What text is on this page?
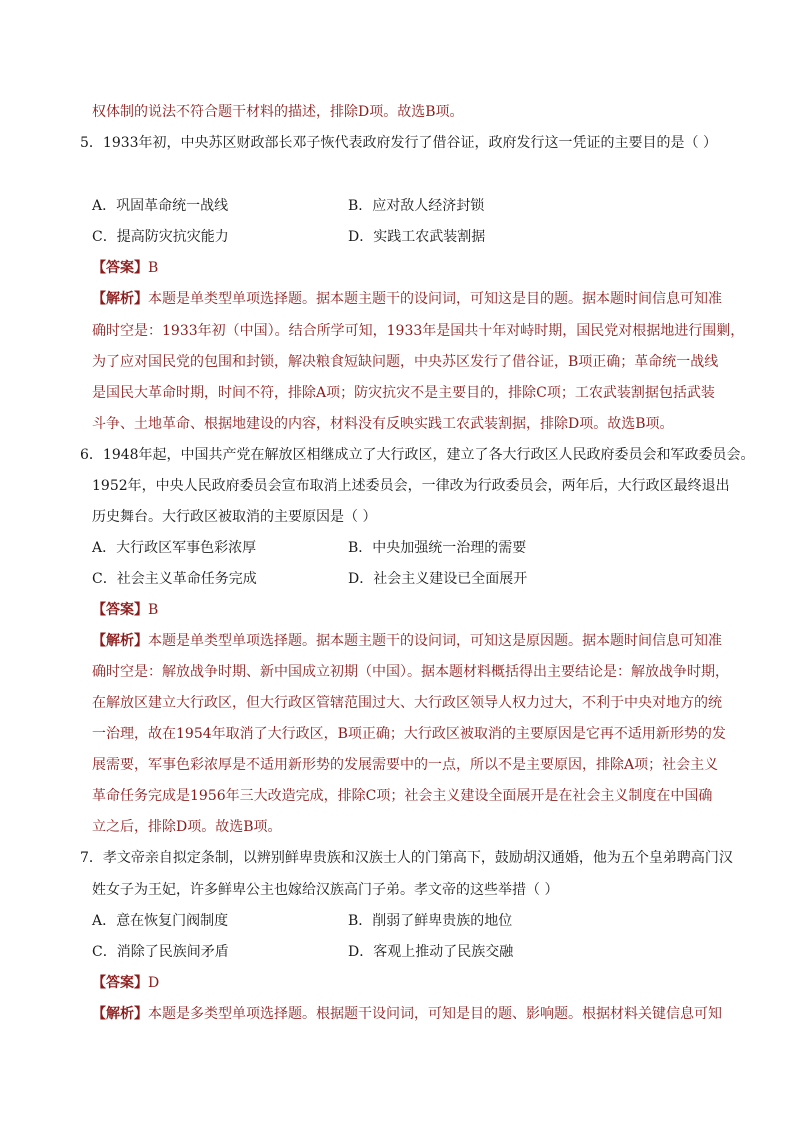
权体制的说法不符合题干材料的描述，排除D项。故选B项。
5．1933年初，中央苏区财政部长邓子恢代表政府发行了借谷证，政府发行这一凭证的主要目的是（ ）
A．巩固革命统一战线	B．应对敌人经济封锁
C．提高防灾抗灾能力	D．实践工农武装割据
【答案】B
【解析】本题是单类型单项选择题。据本题主题干的设问词，可知这是目的题。据本题时间信息可知准
确时空是：1933年初（中国）。结合所学可知，1933年是国共十年对峙时期，国民党对根据地进行围剿，
为了应对国民党的包围和封锁，解决粮食短缺问题，中央苏区发行了借谷证，B项正确；革命统一战线
是国民大革命时期，时间不符，排除A项；防灾抗灾不是主要目的，排除C项；工农武装割据包括武装
斗争、土地革命、根据地建设的内容，材料没有反映实践工农武装割据，排除D项。故选B项。
6．1948年起，中国共产党在解放区相继成立了大行政区，建立了各大行政区人民政府委员会和军政委员会。
1952年，中央人民政府委员会宣布取消上述委员会，一律改为行政委员会，两年后，大行政区最终退出
历史舞台。大行政区被取消的主要原因是（ ）
A．大行政区军事色彩浓厚	B．中央加强统一治理的需要
C．社会主义革命任务完成	D．社会主义建设已全面展开
【答案】B
【解析】本题是单类型单项选择题。据本题主题干的设问词，可知这是原因题。据本题时间信息可知准
确时空是：解放战争时期、新中国成立初期（中国）。据本题材料概括得出主要结论是：解放战争时期，
在解放区建立大行政区，但大行政区管辖范围过大、大行政区领导人权力过大，不利于中央对地方的统
一治理，故在1954年取消了大行政区，B项正确；大行政区被取消的主要原因是它再不适用新形势的发
展需要，军事色彩浓厚是不适用新形势的发展需要中的一点，所以不是主要原因，排除A项；社会主义
革命任务完成是1956年三大改造完成，排除C项；社会主义建设全面展开是在社会主义制度在中国确
立之后，排除D项。故选B项。
7．孝文帝亲自拟定条制，以辨别鲜卑贵族和汉族士人的门第高下，鼓励胡汉通婚，他为五个皇弟聘高门汉
姓女子为王妃，许多鲜卑公主也嫁给汉族高门子弟。孝文帝的这些举措（ ）
A．意在恢复门阀制度	B．削弱了鲜卑贵族的地位
C．消除了民族间矛盾	D．客观上推动了民族交融
【答案】D
【解析】本题是多类型单项选择题。根据题干设问词，可知是目的题、影响题。根据材料关键信息可知
